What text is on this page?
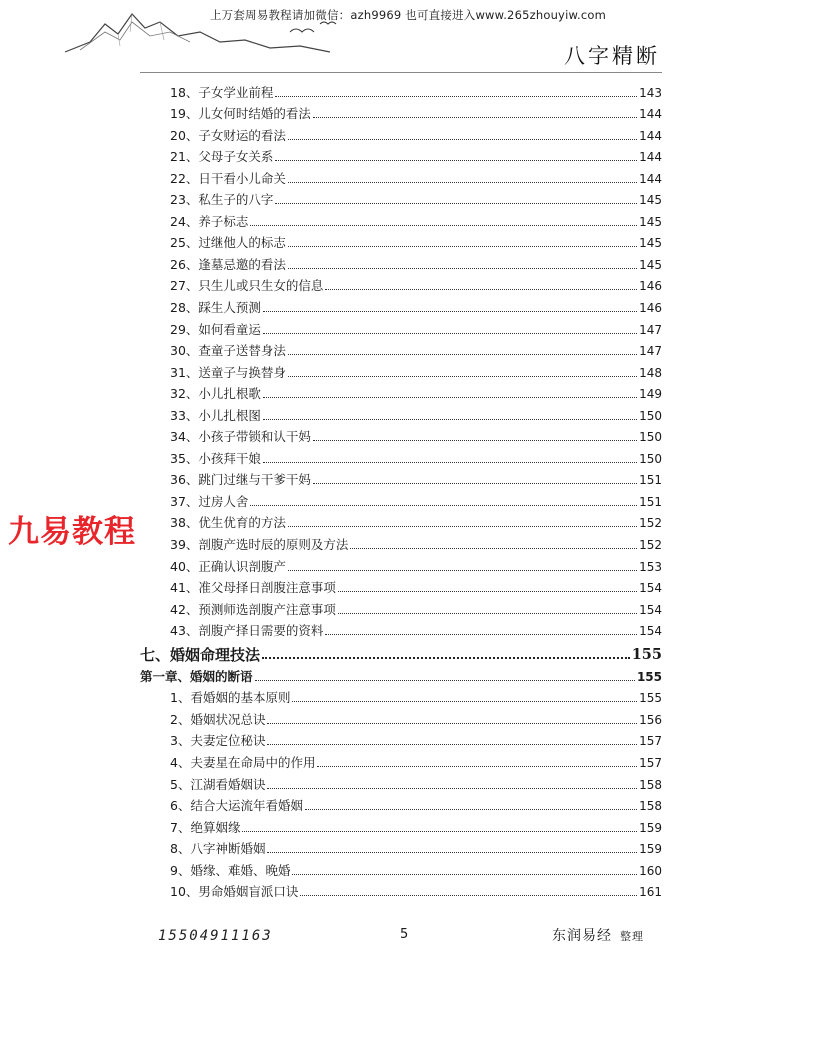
上万套周易教程请加微信：azh9969 也可直接进入www.265zhouyiw.com
八字精断
九易教程
18、子女学业前程	143
19、儿女何时结婚的看法	144
20、子女财运的看法	144
21、父母子女关系	144
22、日干看小儿命关	144
23、私生子的八字	145
24、养子标志	145
25、过继他人的标志	145
26、逢墓忌邀的看法	145
27、只生儿或只生女的信息	146
28、踩生人预测	146
29、如何看童运	147
30、查童子送替身法	147
31、送童子与换替身	148
32、小儿扎根歌	149
33、小儿扎根图	150
34、小孩子带锁和认干妈	150
35、小孩拜干娘	150
36、跳门过继与干爹干妈	151
37、过房人舍	151
38、优生优育的方法	152
39、剖腹产选时辰的原则及方法	152
40、正确认识剖腹产	153
41、准父母择日剖腹注意事项	154
42、预测师选剖腹产注意事项	154
43、剖腹产择日需要的资料	154
七、婚姻命理技法	155
第一章、婚姻的断语	155
1、看婚姻的基本原则	155
2、婚姻状况总诀	156
3、夫妻定位秘诀	157
4、夫妻星在命局中的作用	157
5、江湖看婚姻诀	158
6、结合大运流年看婚姻	158
7、绝算姻缘	159
8、八字神断婚姻	159
9、婚缘、难婚、晚婚	160
10、男命婚姻盲派口诀	161
15504911163	5	东润易经 整理
